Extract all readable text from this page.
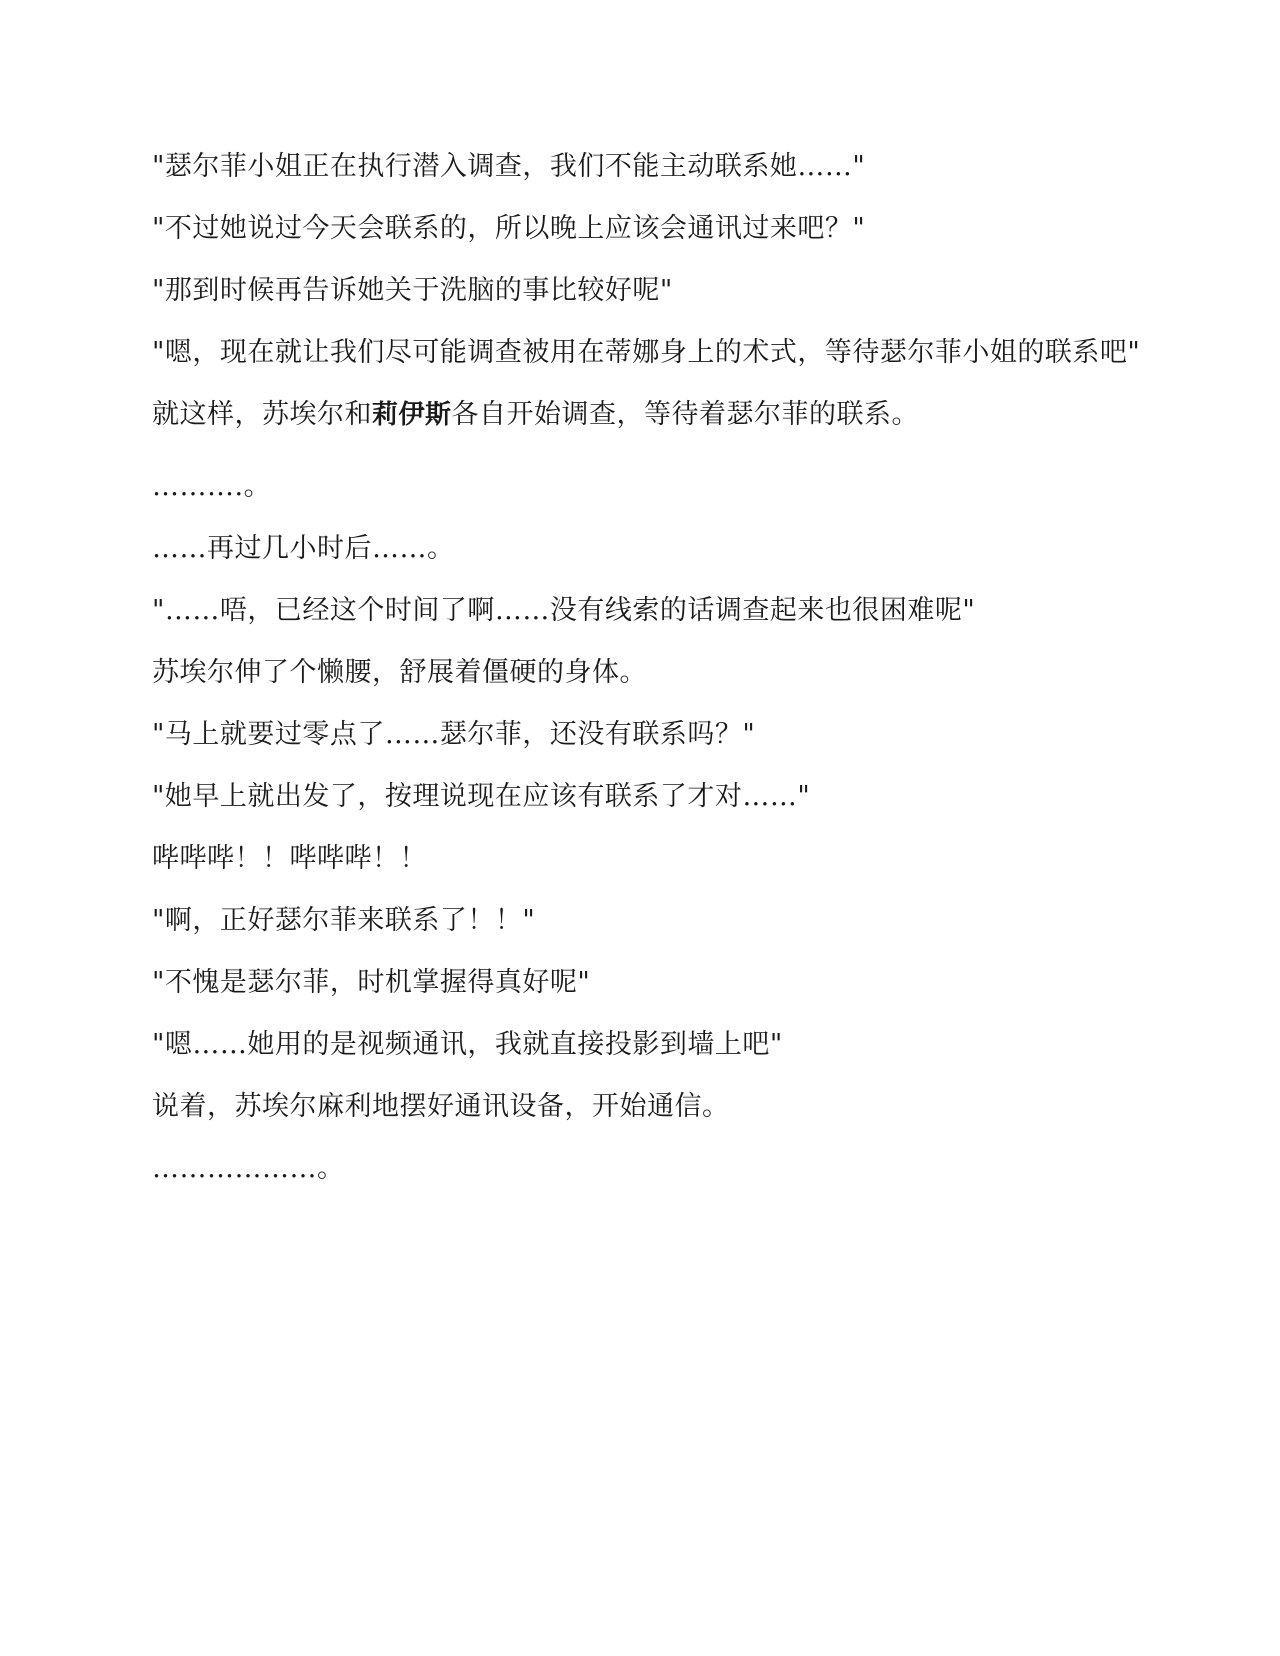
"瑟尔菲小姐正在执行潜入调查，我们不能主动联系她……"

"不过她说过今天会联系的，所以晚上应该会通讯过来吧？"

"那到时候再告诉她关于洗脑的事比较好呢"

"嗯，现在就让我们尽可能调查被用在蒂娜身上的术式，等待瑟尔菲小姐的联系吧"

就这样，苏埃尔和莉伊斯各自开始调查，等待着瑟尔菲的联系。

……….。

……再过几小时后……。

"……唔，已经这个时间了啊……没有线索的话调查起来也很困难呢"

苏埃尔伸了个懒腰，舒展着僵硬的身体。

"马上就要过零点了……瑟尔菲，还没有联系吗？"

"她早上就出发了，按理说现在应该有联系了才对……"

哔哔哔！！哔哔哔！！

"啊，正好瑟尔菲来联系了！！"

"不愧是瑟尔菲，时机掌握得真好呢"

"嗯……她用的是视频通讯，我就直接投影到墙上吧"

说着，苏埃尔麻利地摆好通讯设备，开始通信。

………………。
